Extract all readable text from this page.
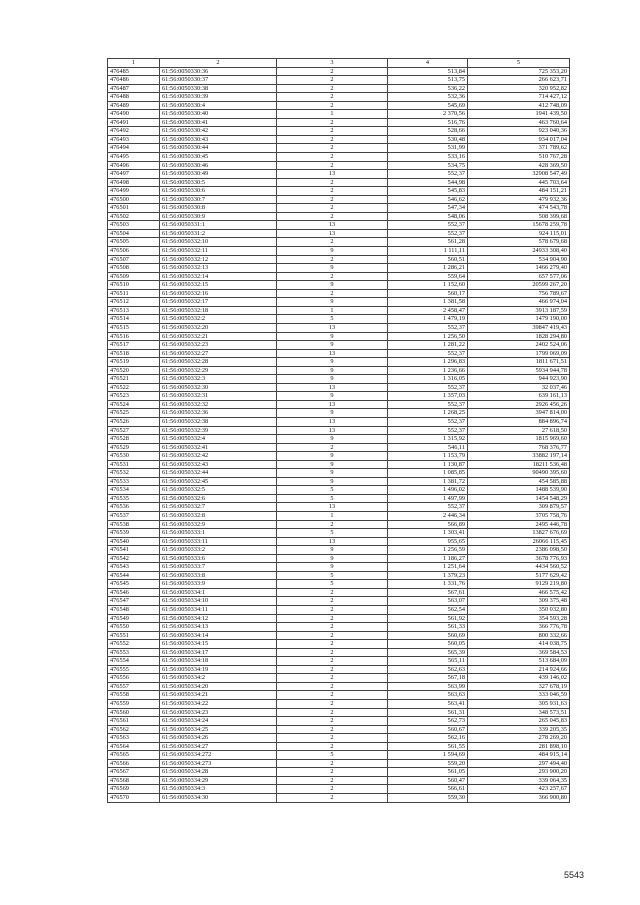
1	2	3	4	5
476485	61:56:0050330:36	2	513,84	725 353,20
476486	61:56:0050330:37	2	513,75	266 623,71
476487	61:56:0050330:38	2	536,22	320 952,82
476488	61:56:0050330:39	2	532,36	714 427,12
476489	61:56:0050330:4	2	545,69	412 748,09
476490	61:56:0050330:40	1	2 370,56	1941 439,50
476491	61:56:0050330:41	2	516,76	463 760,64
476492	61:56:0050330:42	2	528,66	923 040,36
476493	61:56:0050330:43	2	530,48	934 017,04
476494	61:56:0050330:44	2	531,99	371 789,62
476495	61:56:0050330:45	2	533,16	510 767,28
476496	61:56:0050330:46	2	534,75	428 369,50
476497	61:56:0050330:49	13	552,37	32908 547,49
476498	61:56:0050330:5	2	544,98	445 703,64
476499	61:56:0050330:6	2	545,83	484 151,21
476500	61:56:0050330:7	2	546,62	479 932,36
476501	61:56:0050330:8	2	547,34	474 543,78
476502	61:56:0050330:9	2	548,06	508 399,68
476503	61:56:0050331:1	13	552,37	15678 259,78
476504	61:56:0050331:2	13	552,37	924 115,01
476505	61:56:0050332:10	2	561,28	578 679,68
476506	61:56:0050332:11	9	1 111,11	24933 308,40
476507	61:56:0050332:12	2	560,51	534 904,90
476508	61:56:0050332:13	9	1 286,21	1466 279,40
476509	61:56:0050332:14	2	559,64	657 577,06
476510	61:56:0050332:15	9	1 152,60	20599 267,20
476511	61:56:0050332:16	2	560,17	756 789,67
476512	61:56:0050332:17	9	1 381,58	466 974,04
476513	61:56:0050332:18	1	2 458,47	3913 187,59
476514	61:56:0050332:2	5	1 479,19	1479 190,00
476515	61:56:0050332:20	13	552,37	39847 419,43
476516	61:56:0050332:21	9	1 256,50	1828 294,80
476517	61:56:0050332:23	9	1 281,22	2402 524,06
476518	61:56:0050332:27	13	552,37	1799 069,09
476519	61:56:0050332:28	9	1 296,83	1811 671,51
476520	61:56:0050332:29	9	1 236,66	5934 944,78
476521	61:56:0050332:3	9	1 316,05	944 923,90
476522	61:56:0050332:30	13	552,37	32 037,46
476523	61:56:0050332:31	9	1 357,03	639 161,13
476524	61:56:0050332:32	13	552,37	2926 456,26
476525	61:56:0050332:36	9	1 268,25	3947 814,00
476526	61:56:0050332:38	13	552,37	884 896,74
476527	61:56:0050332:39	13	552,37	27 618,50
476528	61:56:0050332:4	9	1 315,92	1815 969,60
476529	61:56:0050332:41	2	546,11	768 376,77
476530	61:56:0050332:42	9	1 153,79	33882 197,14
476531	61:56:0050332:43	9	1 130,87	18211 536,48
476532	61:56:0050332:44	9	1 085,85	90490 395,60
476533	61:56:0050332:45	9	1 381,72	454 585,88
476534	61:56:0050332:5	5	1 496,02	1488 539,90
476535	61:56:0050332:6	5	1 497,99	1454 548,29
476536	61:56:0050332:7	13	552,37	309 879,57
476537	61:56:0050332:8	1	2 446,34	3705 758,76
476538	61:56:0050332:9	2	566,89	2495 446,78
476539	61:56:0050333:1	5	1 303,41	13827 676,69
476540	61:56:0050333:11	13	955,65	26066 115,45
476541	61:56:0050333:2	9	1 256,59	2386 098,50
476542	61:56:0050333:6	9	1 186,27	3678 776,93
476543	61:56:0050333:7	9	1 251,64	4434 560,52
476544	61:56:0050333:8	5	1 379,23	5177 629,42
476545	61:56:0050333:9	5	1 331,76	9129 219,80
476546	61:56:0050334:1	2	567,61	466 575,42
476547	61:56:0050334:10	2	563,07	309 375,48
476548	61:56:0050334:11	2	562,54	350 032,80
476549	61:56:0050334:12	2	561,92	354 593,28
476550	61:56:0050334:13	2	561,33	366 776,78
476551	61:56:0050334:14	2	560,69	800 332,66
476552	61:56:0050334:15	2	560,05	414 038,75
476553	61:56:0050334:17	2	565,39	369 584,53
476554	61:56:0050334:18	2	565,11	513 684,09
476555	61:56:0050334:19	2	562,63	214 924,66
476556	61:56:0050334:2	2	567,18	439 146,02
476557	61:56:0050334:20	2	563,99	327 678,19
476558	61:56:0050334:21	2	563,63	333 046,59
476559	61:56:0050334:22	2	563,41	305 931,63
476560	61:56:0050334:23	2	561,31	348 573,51
476561	61:56:0050334:24	2	562,73	265 045,83
476562	61:56:0050334:25	2	560,67	339 205,35
476563	61:56:0050334:26	2	562,16	278 269,20
476564	61:56:0050334:27	2	561,55	281 898,10
476565	61:56:0050334:272	5	1 594,69	484 915,14
476566	61:56:0050334:273	2	559,20	297 494,40
476567	61:56:0050334:28	2	561,05	293 900,20
476568	61:56:0050334:29	2	560,47	339 064,35
476569	61:56:0050334:3	2	566,61	423 257,67
476570	61:56:0050334:30	2	559,30	366 900,80
5543
